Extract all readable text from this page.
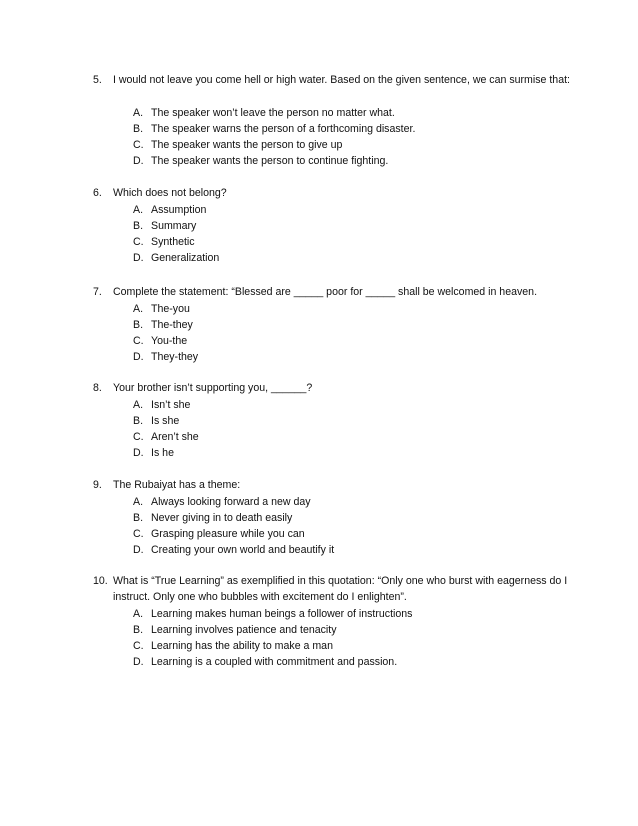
5. I would not leave you come hell or high water. Based on the given sentence, we can surmise that:
A. The speaker won’t leave the person no matter what.
B. The speaker warns the person of a forthcoming disaster.
C. The speaker wants the person to give up
D. The speaker wants the person to continue fighting.
6. Which does not belong?
A. Assumption
B. Summary
C. Synthetic
D. Generalization
7. Complete the statement: “Blessed are _____ poor for _____ shall be welcomed in heaven.
A. The-you
B. The-they
C. You-the
D. They-they
8. Your brother isn’t supporting you, ______?
A. Isn’t she
B. Is she
C. Aren’t she
D. Is he
9. The Rubaiyat has a theme:
A. Always looking forward a new day
B. Never giving in to death easily
C. Grasping pleasure while you can
D. Creating your own world and beautify it
10. What is “True Learning” as exemplified in this quotation: “Only one who burst with eagerness do I instruct. Only one who bubbles with excitement do I enlighten”.
A. Learning makes human beings a follower of instructions
B. Learning involves patience and tenacity
C. Learning has the ability to make a man
D. Learning is a coupled with commitment and passion.
